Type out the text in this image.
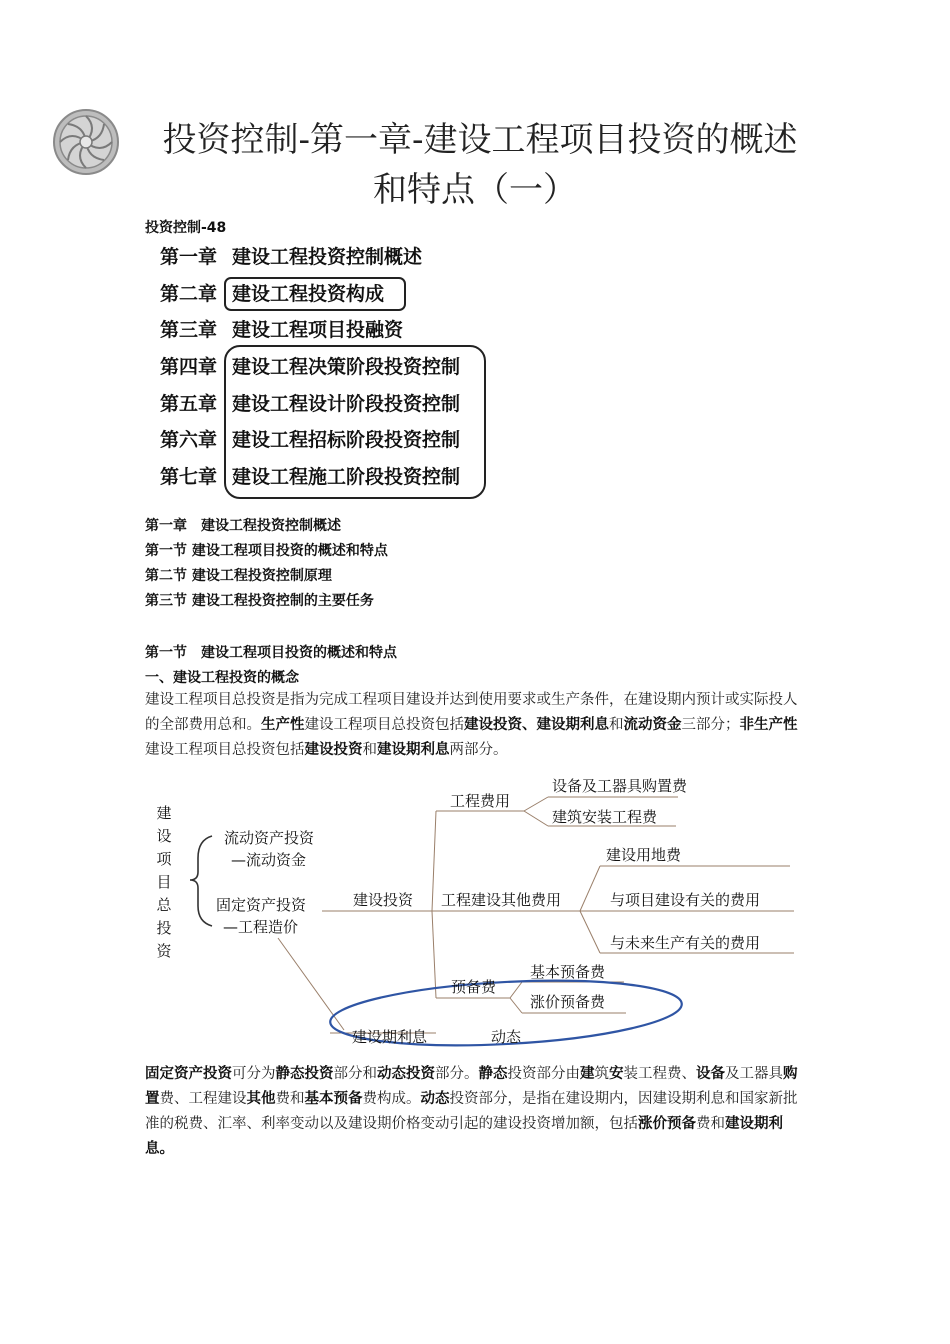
投资控制-第一章-建设工程项目投资的概述
和特点（一）
投资控制-48
第一章 建设工程投资控制概述
第二章 建设工程投资构成
第三章 建设工程项目投融资
第四章 建设工程决策阶段投资控制
第五章 建设工程设计阶段投资控制
第六章 建设工程招标阶段投资控制
第七章 建设工程施工阶段投资控制
第一章　建设工程投资控制概述
第一节 建设工程项目投资的概述和特点
第二节 建设工程投资控制原理
第三节 建设工程投资控制的主要任务
第一节　建设工程项目投资的概述和特点
一、建设工程投资的概念
建设工程项目总投资是指为完成工程项目建设并达到使用要求或生产条件，在建设期内预计或实际投人的全部费用总和。生产性建设工程项目总投资包括建设投资、建设期利息和流动资金三部分；非生产性建设工程项目总投资包括建设投资和建设期利息两部分。
建设项目总投资
流动资产投资
—流动资金
固定资产投资
—工程造价
建设投资
工程费用
设备及工器具购置费
建筑安装工程费
工程建设其他费用
建设用地费
与项目建设有关的费用
与未来生产有关的费用
预备费
基本预备费
涨价预备费
建设期利息	动态
固定资产投资可分为静态投资部分和动态投资部分。静态投资部分由建筑安装工程费、设备及工器具购置费、工程建设其他费和基本预备费构成。动态投资部分，是指在建设期内，因建设期利息和国家新批准的税费、汇率、利率变动以及建设期价格变动引起的建设投资增加额，包括涨价预备费和建设期利息。
